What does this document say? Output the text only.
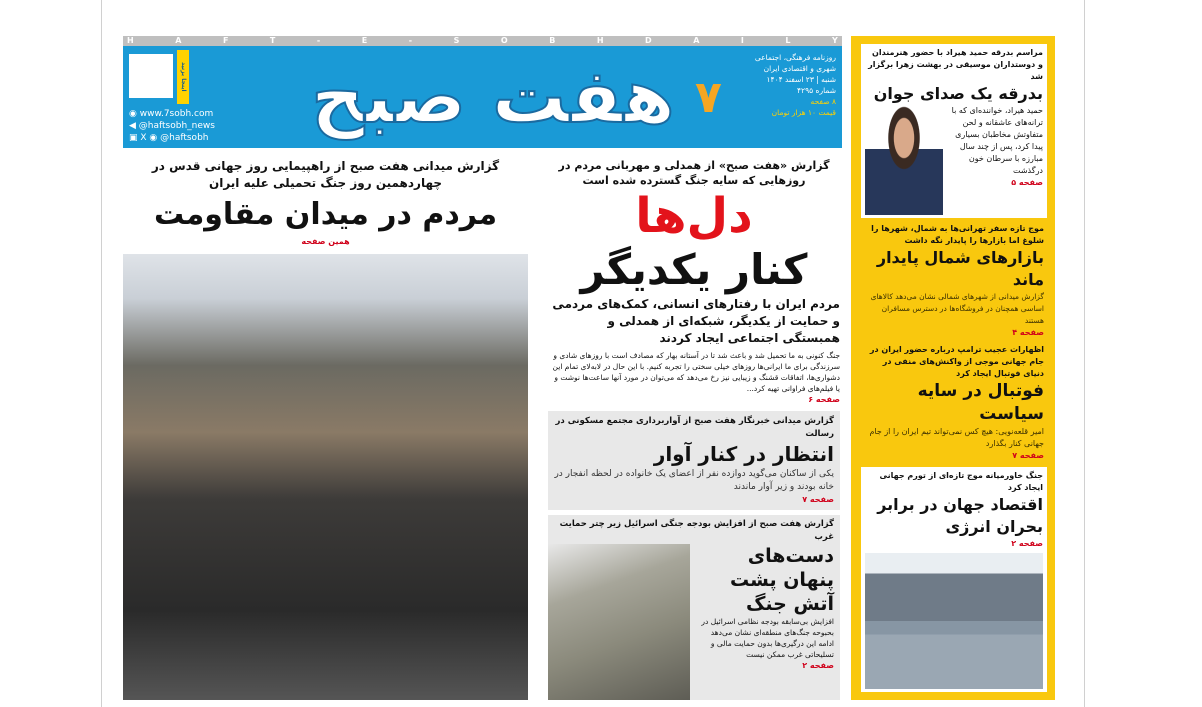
H	A	F	T	-	E	-	S	O	B	H	D	A	I	L	Y
اینجا بزنید
◉ www.7sobh.com
◀ @haftsobh_news
▣ X ◉ @haftsobh هفت صبح ۷
روزنامه فرهنگی، اجتماعی
شهری و اقتصادی ایران
شنبه | ۲۳ اسفند ۱۴۰۴
شماره ۴۲۹۵
۸ صفحه
قیمت ۱۰ هزار تومان
گزارش میدانی هفت صبح از راهپیمایی روز جهانی قدس در چهاردهمین روز جنگ تحمیلی علیه ایران
مردم در میدان مقاومت
همین صفحه
گزارش «هفت صبح» از همدلی و مهربانی مردم در روزهایی که سایه جنگ گسترده شده است
دل‌ها
کنار یکدیگر
مردم ایران با رفتارهای انسانی، کمک‌های مردمی و حمایت از یکدیگر، شبکه‌ای از همدلی و همبستگی اجتماعی ایجاد کردند
جنگ کنونی به ما تحمیل شد و باعث شد تا در آستانه بهار که مصادف است با روزهای شادی و سرزندگی برای ما ایرانی‌ها روزهای خیلی سختی را تجربه کنیم. با این حال در لابه‌لای تمام این دشواری‌ها، اتفاقات قشنگ و زیبایی نیز رخ می‌دهد که می‌توان در مورد آنها ساعت‌ها نوشت و یا فیلم‌های فراوانی تهیه کرد...
صفحه ۶
گزارش میدانی خبرنگار هفت صبح از آواربرداری مجتمع مسکونی در رسالت
انتظار در کنار آوار
یکی از ساکنان می‌گوید دوازده نفر از اعضای یک خانواده در لحظه انفجار در خانه بودند و زیر آوار ماندند
صفحه ۷
گزارش هفت صبح از افزایش بودجه جنگی اسرائیل زیر چتر حمایت غرب
دست‌های پنهان پشت آتش جنگ
افزایش بی‌سابقه بودجه نظامی اسرائیل در بحبوحه جنگ‌های منطقه‌ای نشان می‌دهد ادامه این درگیری‌ها بدون حمایت مالی و تسلیحاتی غرب ممکن نیست
صفحه ۲
مراسم بدرقه حمید هیراد با حضور هنرمندان و دوستداران موسیقی در بهشت زهرا برگزار شد
بدرقه یک صدای جوان
حمید هیراد، خواننده‌ای که با ترانه‌های عاشقانه و لحن متفاوتش مخاطبان بسیاری پیدا کرد، پس از چند سال مبارزه با سرطان خون درگذشت
صفحه ۵
موج تازه سفر تهرانی‌ها به شمال، شهرها را شلوغ اما بازارها را پایدار نگه داشت
بازارهای شمال پایدار ماند
گزارش میدانی از شهرهای شمالی نشان می‌دهد کالاهای اساسی همچنان در فروشگاه‌ها در دسترس مسافران هستند
صفحه ۴
اظهارات عجیب ترامپ درباره حضور ایران در جام جهانی موجی از واکنش‌های منفی در دنیای فوتبال ایجاد کرد
فوتبال در سایه سیاست
امیر قلعه‌نویی: هیچ کس نمی‌تواند تیم ایران را از جام جهانی کنار بگذارد
صفحه ۷
جنگ خاورمیانه موج تازه‌ای از تورم جهانی ایجاد کرد
اقتصاد جهان در برابر بحران انرژی
صفحه ۲
